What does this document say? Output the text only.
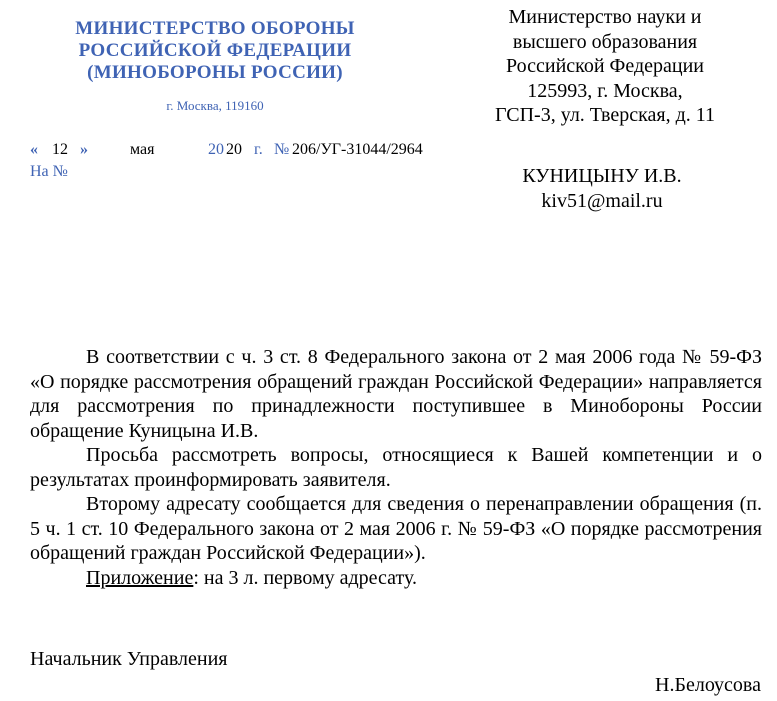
МИНИСТЕРСТВО ОБОРОНЫ
РОССИЙСКОЙ ФЕДЕРАЦИИ
(МИНОБОРОНЫ РОССИИ)
г. Москва, 119160
« 12 »	мая	20 20 г. № 206/УГ-31044/2964
На №
Министерство науки и
высшего образования
Российской Федерации
125993, г. Москва,
ГСП-3, ул. Тверская, д. 11
КУНИЦЫНУ И.В.
kiv51@mail.ru

В соответствии с ч. 3 ст. 8 Федерального закона от 2 мая 2006 года № 59-ФЗ «О порядке рассмотрения обращений граждан Российской Федерации» направляется для рассмотрения по принадлежности поступившее в Минобороны России обращение Куницына И.В.

Просьба рассмотреть вопросы, относящиеся к Вашей компетенции и о результатах проинформировать заявителя.

Второму адресату сообщается для сведения о перенаправлении обращения (п. 5 ч. 1 ст. 10 Федерального закона от 2 мая 2006 г. № 59-ФЗ «О порядке рассмотрения обращений граждан Российской Федерации»).

Приложение: на 3 л. первому адресату.

Начальник Управления
Н.Белоусова
